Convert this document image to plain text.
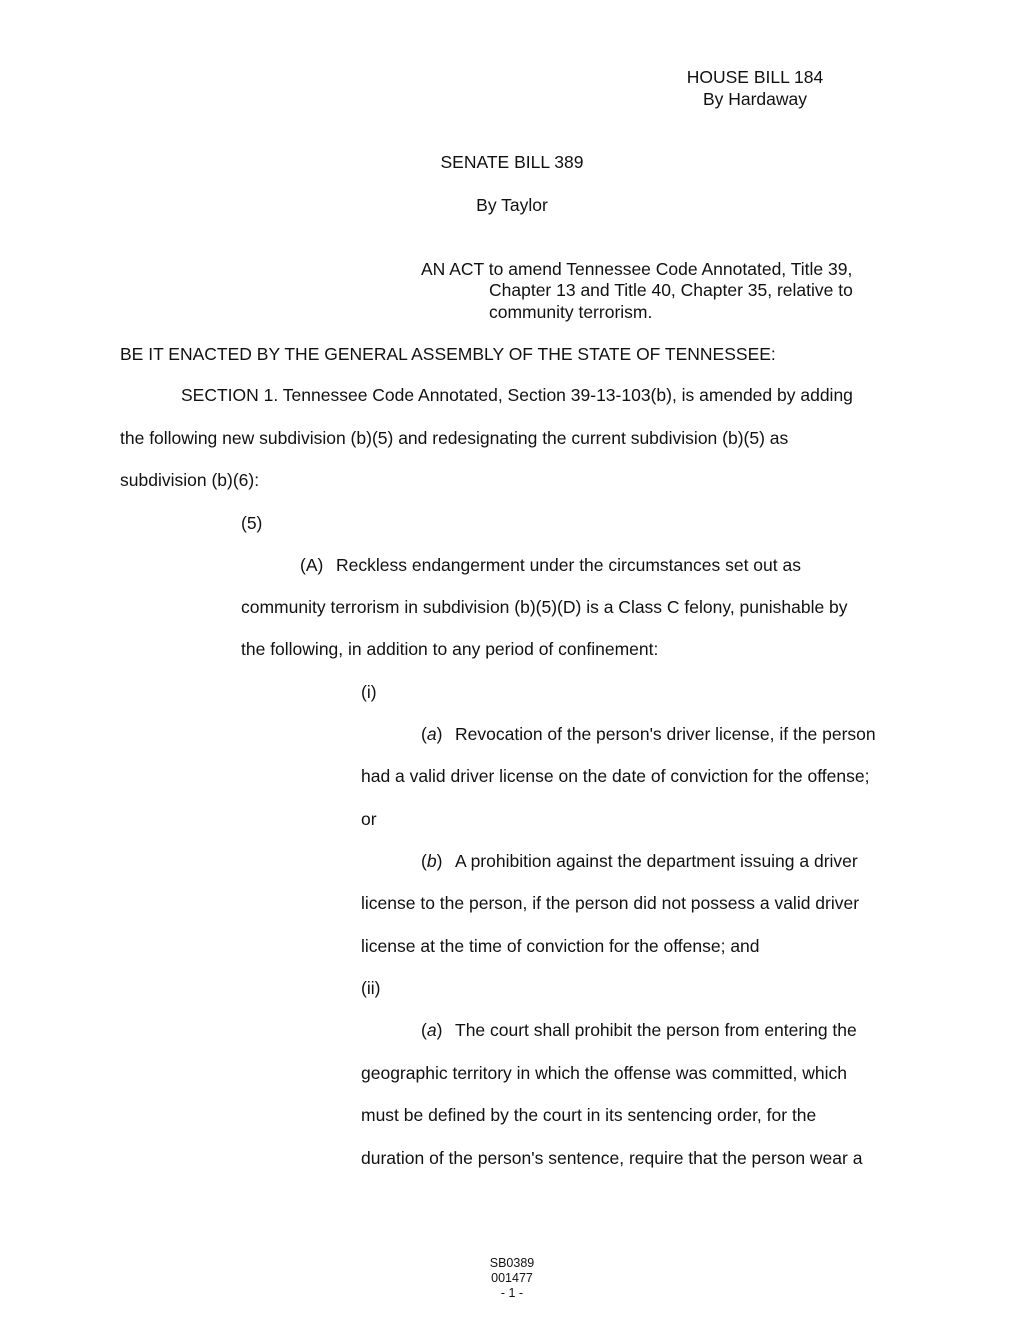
HOUSE BILL 184
By Hardaway
SENATE BILL 389
By Taylor
AN ACT to amend Tennessee Code Annotated, Title 39,
Chapter 13 and Title 40, Chapter 35, relative to
community terrorism.
BE IT ENACTED BY THE GENERAL ASSEMBLY OF THE STATE OF TENNESSEE:
SECTION 1. Tennessee Code Annotated, Section 39-13-103(b), is amended by adding
the following new subdivision (b)(5) and redesignating the current subdivision (b)(5) as
subdivision (b)(6):
(5)
(A) Reckless endangerment under the circumstances set out as
community terrorism in subdivision (b)(5)(D) is a Class C felony, punishable by
the following, in addition to any period of confinement:
(i)
(a) Revocation of the person's driver license, if the person
had a valid driver license on the date of conviction for the offense;
or
(b) A prohibition against the department issuing a driver
license to the person, if the person did not possess a valid driver
license at the time of conviction for the offense; and
(ii)
(a) The court shall prohibit the person from entering the
geographic territory in which the offense was committed, which
must be defined by the court in its sentencing order, for the
duration of the person's sentence, require that the person wear a
SB0389
001477
- 1 -
